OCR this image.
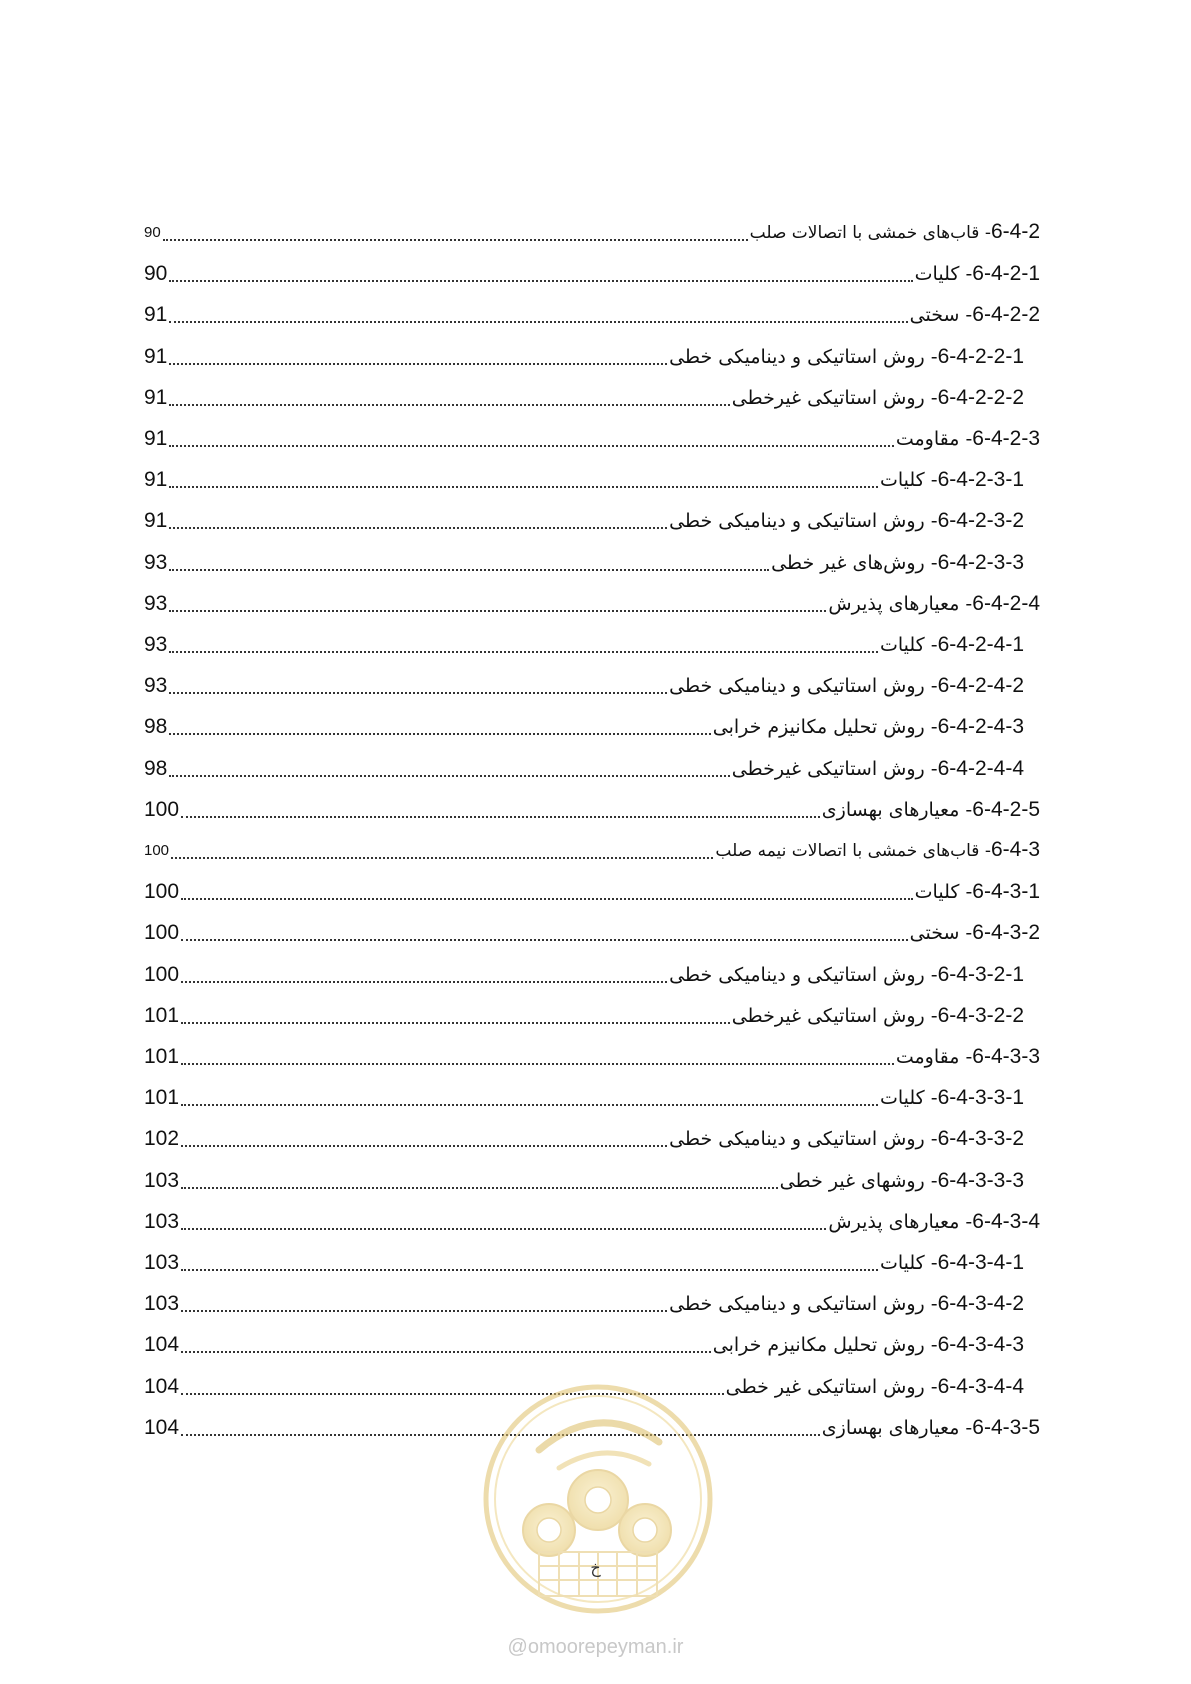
6-4-2- قاب‌های خمشی با اتصالات صلب
90
6-4-2-1- کلیات
90
6-4-2-2- سختی
91
6-4-2-2-1- روش استاتیکی و دینامیکی خطی
91
6-4-2-2-2- روش استاتیکی غیرخطی
91
6-4-2-3- مقاومت
91
6-4-2-3-1- کلیات
91
6-4-2-3-2- روش استاتیکی و دینامیکی خطی
91
6-4-2-3-3- روش‌های غیر خطی
93
6-4-2-4- معیارهای پذیرش
93
6-4-2-4-1- کلیات
93
6-4-2-4-2- روش استاتیکی و دینامیکی خطی
93
6-4-2-4-3- روش تحلیل مکانیزم خرابی
98
6-4-2-4-4- روش استاتیکی غیرخطی
98
6-4-2-5- معیارهای بهسازی
100
6-4-3- قاب‌های خمشی با اتصالات نیمه صلب
100
6-4-3-1- کلیات
100
6-4-3-2- سختی
100
6-4-3-2-1- روش استاتیکی و دینامیکی خطی
100
6-4-3-2-2- روش استاتیکی غیرخطی
101
6-4-3-3- مقاومت
101
6-4-3-3-1- کلیات
101
6-4-3-3-2- روش استاتیکی و دینامیکی خطی
102
6-4-3-3-3- روشهای غیر خطی
103
6-4-3-4- معیارهای پذیرش
103
6-4-3-4-1- کلیات
103
6-4-3-4-2- روش استاتیکی و دینامیکی خطی
103
6-4-3-4-3- روش تحلیل مکانیزم خرابی
104
6-4-3-4-4- روش استاتیکی غیر خطی
104
6-4-3-5- معیارهای بهسازی
104
خ
@omoorepeyman.ir
